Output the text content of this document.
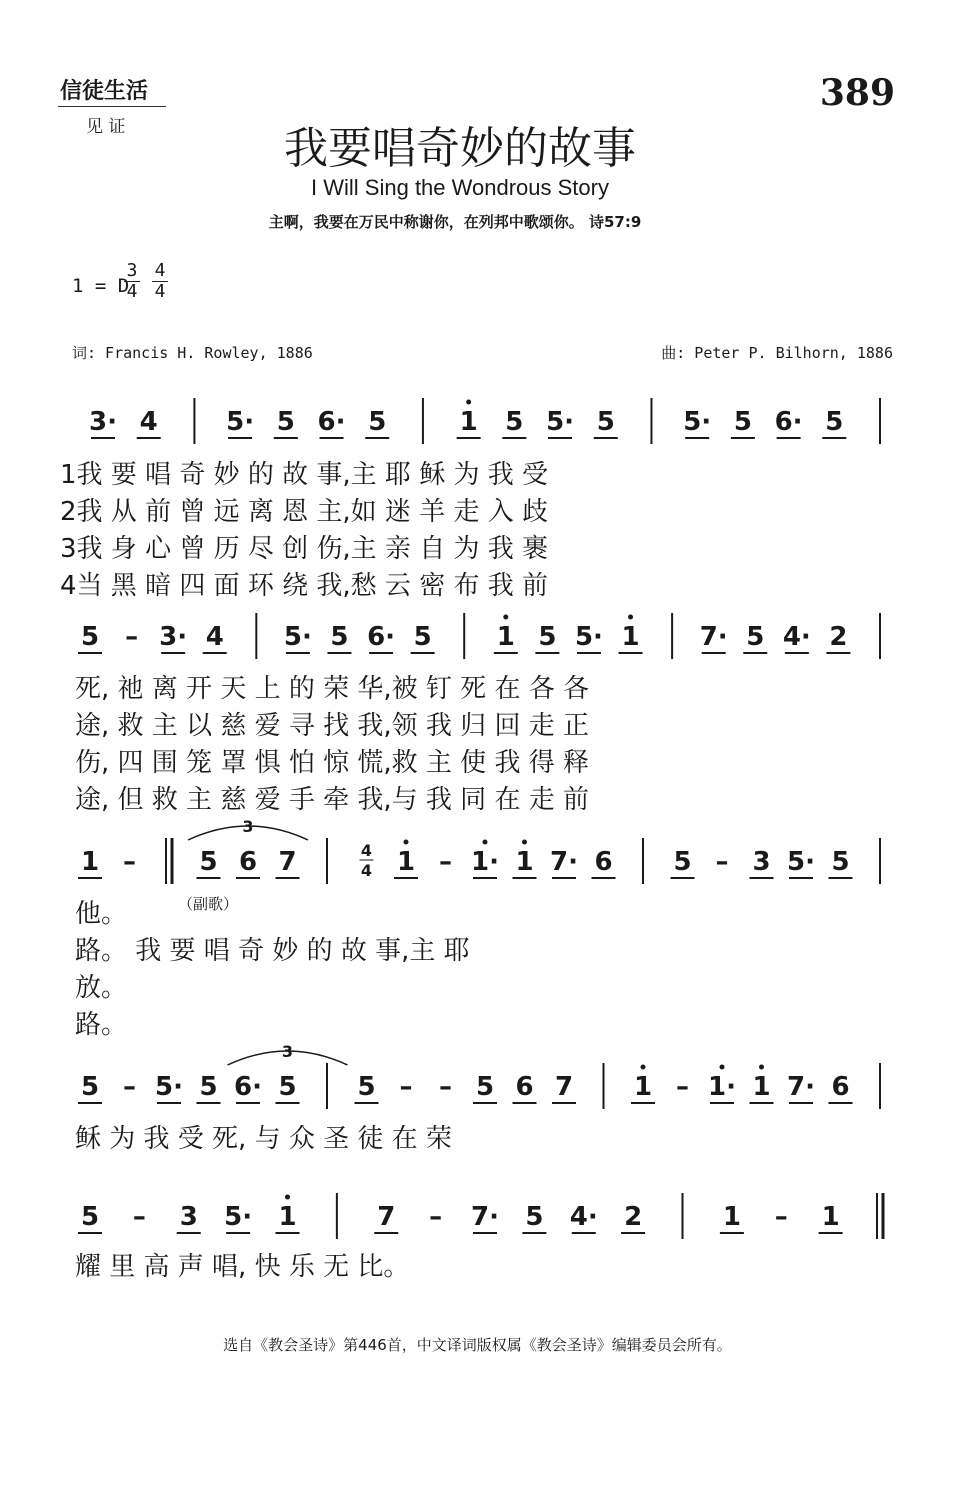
信徒生活
见 证
389
我要唱奇妙的故事
I Will Sing the Wondrous Story
主啊，我要在万民中称谢你，在列邦中歌颂你。 诗57:9
1 = D
3
4
4
4
词: Francis H. Rowley, 1886	曲: Peter P. Bilhorn, 1886
3· 4	5· 5 6· 5	1 5 5· 5	5· 5 6· 5
5 – 3· 4 5· 5 6· 5	1 5 5· 1 7· 5 4· 2
1 – 5 6 7	4
4 1 – 1· 1 7· 6 5 – 3 5· 5
3
5 – 5· 5 6· 5 5 – – 5 6 7 1 – 1· 1 7· 6
3
5 – 3 5· 1	7 – 7· 5 4· 2	1 – 1
1我 要 唱 奇 妙 的 故 事,主 耶 稣 为 我 受
2我 从 前 曾 远 离 恩 主,如 迷 羊 走 入 歧
3我 身 心 曾 历 尽 创 伤,主 亲 自 为 我 裹
4当 黑 暗 四 面 环 绕 我,愁 云 密 布 我 前
死, 祂 离 开 天 上 的 荣 华,被 钉 死 在 各 各
途, 救 主 以 慈 爱 寻 找 我,领 我 归 回 走 正
伤, 四 围 笼 罩 惧 怕 惊 慌,救 主 使 我 得 释
途, 但 救 主 慈 爱 手 牵 我,与 我 同 在 走 前
他。
路。 我 要 唱 奇 妙 的 故 事,主 耶
放。
路。
（副歌）
稣 为 我 受 死, 与 众 圣 徒 在 荣
耀 里 高 声 唱, 快 乐 无 比。
选自《教会圣诗》第446首，中文译词版权属《教会圣诗》编辑委员会所有。
